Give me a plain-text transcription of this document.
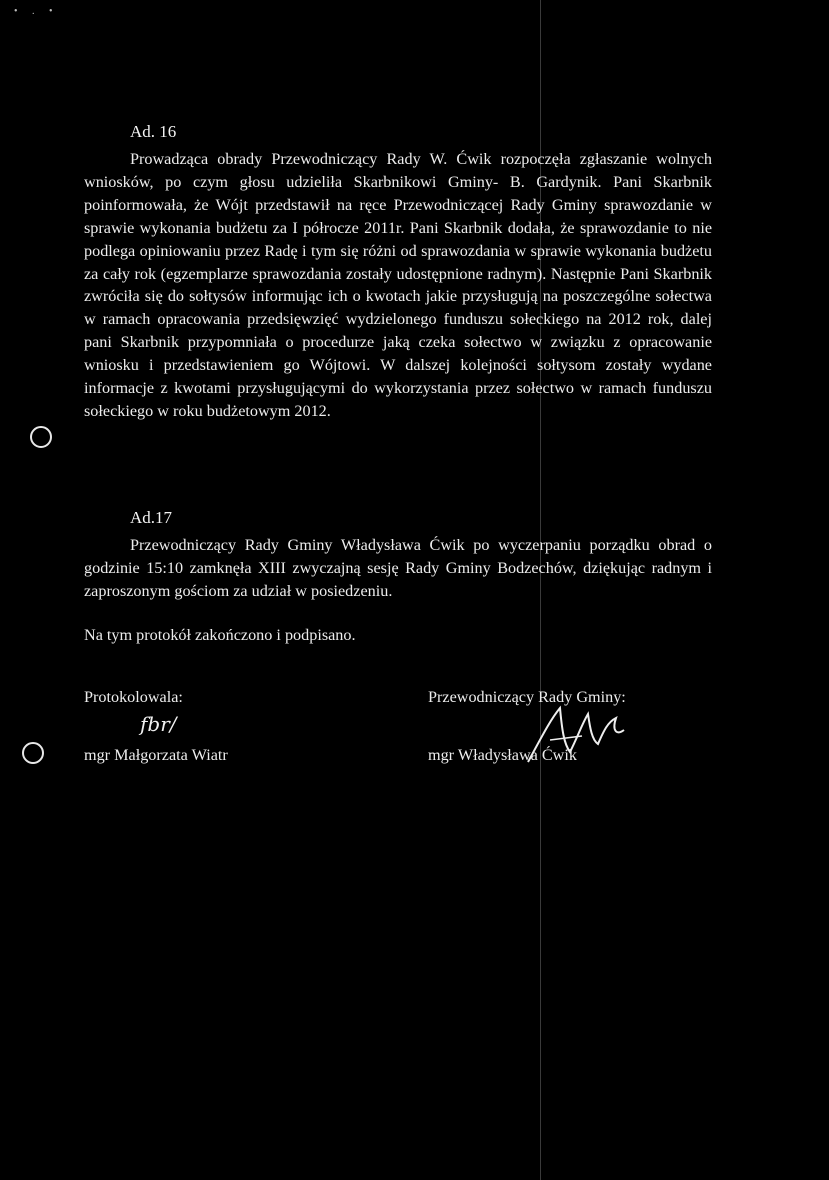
• . •
Ad. 16

Prowadząca obrady Przewodniczący Rady W. Ćwik rozpoczęła zgłaszanie wolnych wniosków, po czym głosu udzieliła Skarbnikowi Gminy- B. Gardynik. Pani Skarbnik poinformowała, że Wójt przedstawił na ręce Przewodniczącej Rady Gminy sprawozdanie w sprawie wykonania budżetu za I półrocze 2011r. Pani Skarbnik dodała, że sprawozdanie to nie podlega opiniowaniu przez Radę i tym się różni od sprawozdania w sprawie wykonania budżetu za cały rok (egzemplarze sprawozdania zostały udostępnione radnym). Następnie Pani Skarbnik zwróciła się do sołtysów informując ich o kwotach jakie przysługują na poszczególne sołectwa w ramach opracowania przedsięwzięć wydzielonego funduszu sołeckiego na 2012 rok, dalej pani Skarbnik przypomniała o procedurze jaką czeka sołectwo w związku z opracowanie wniosku i przedstawieniem go Wójtowi. W dalszej kolejności sołtysom zostały wydane informacje z kwotami przysługującymi do wykorzystania przez sołectwo w ramach funduszu sołeckiego w roku budżetowym 2012.

Ad.17

Przewodniczący Rady Gminy Władysława Ćwik po wyczerpaniu porządku obrad o godzinie 15:10 zamknęła XIII zwyczajną sesję Rady Gminy Bodzechów, dziękując radnym i zaproszonym gościom za udział w posiedzeniu.

Na tym protokół zakończono i podpisano.
Protokolowala:
fbr/
mgr Małgorzata Wiatr
Przewodniczący Rady Gminy:
mgr Władysława Ćwik
